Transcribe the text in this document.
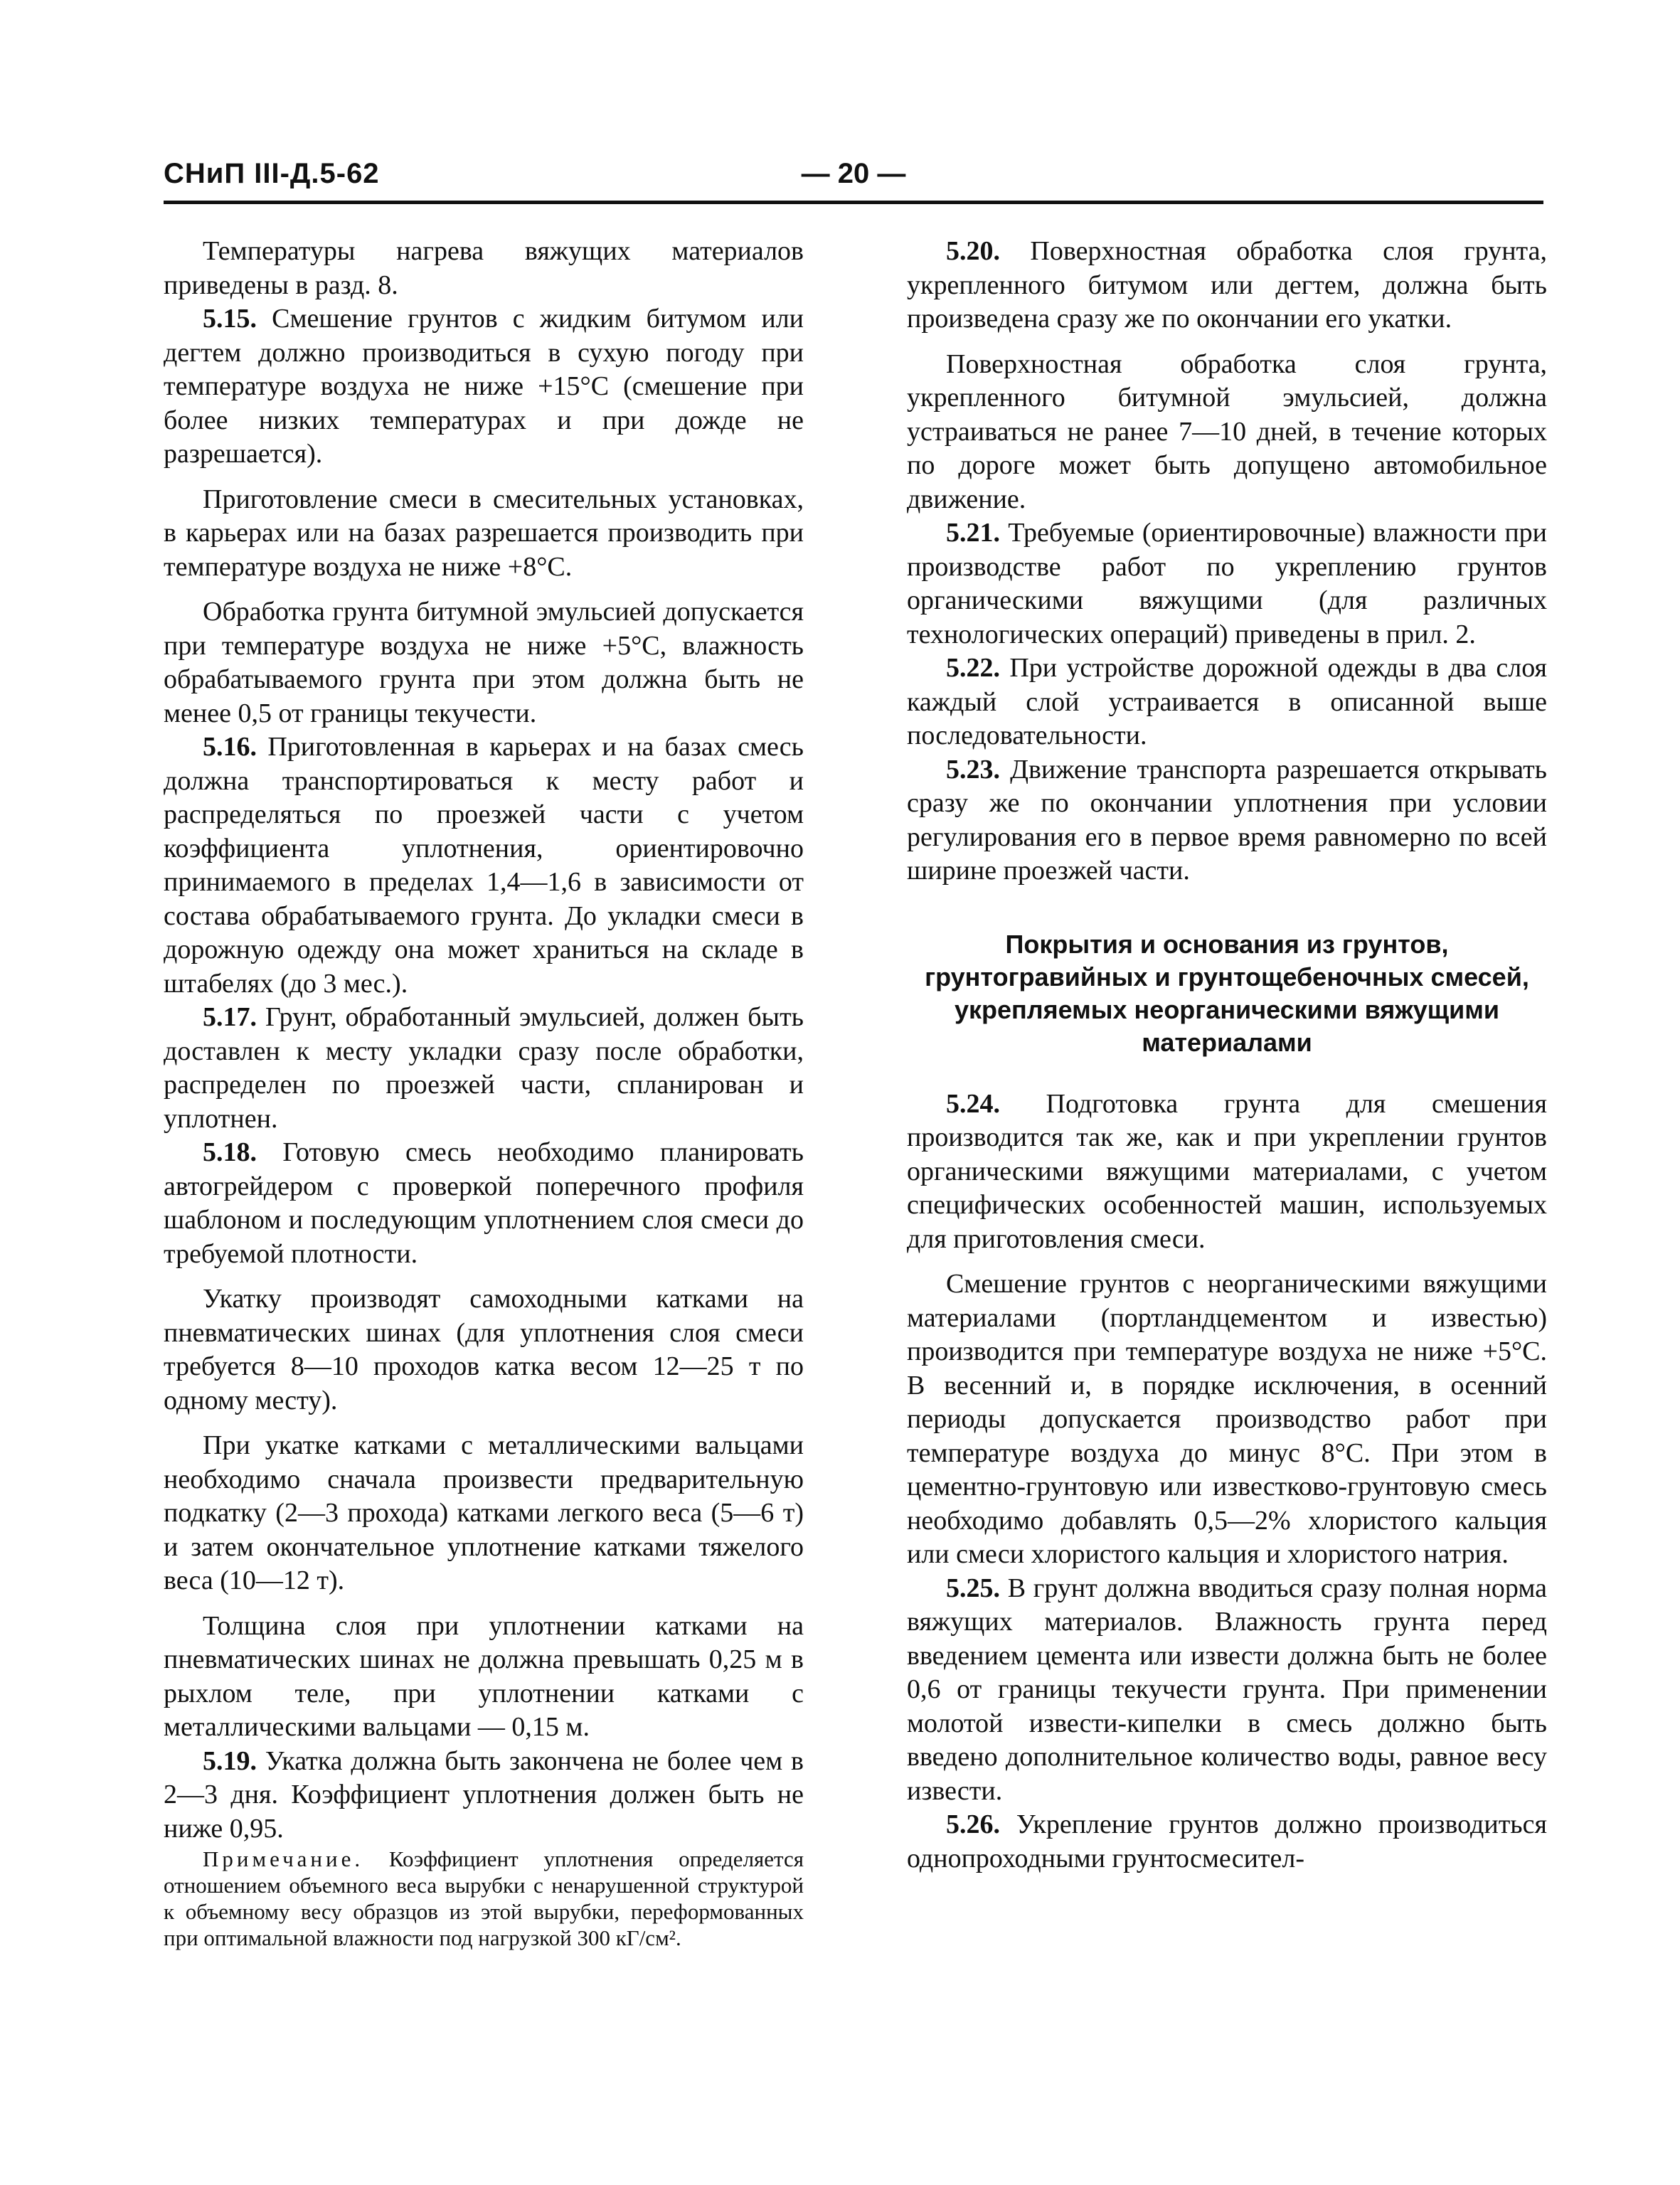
СНиП III-Д.5-62	— 20 —

Температуры нагрева вяжущих материалов приведены в разд. 8.

5.15. Смешение грунтов с жидким битумом или дегтем должно производиться в сухую погоду при температуре воздуха не ниже +15°С (смешение при более низких температурах и при дожде не разрешается).

Приготовление смеси в смесительных установках, в карьерах или на базах разрешается производить при температуре воздуха не ниже +8°С.

Обработка грунта битумной эмульсией допускается при температуре воздуха не ниже +5°С, влажность обрабатываемого грунта при этом должна быть не менее 0,5 от границы текучести.

5.16. Приготовленная в карьерах и на базах смесь должна транспортироваться к месту работ и распределяться по проезжей части с учетом коэффициента уплотнения, ориентировочно принимаемого в пределах 1,4—1,6 в зависимости от состава обрабатываемого грунта. До укладки смеси в дорожную одежду она может храниться на складе в штабелях (до 3 мес.).

5.17. Грунт, обработанный эмульсией, должен быть доставлен к месту укладки сразу после обработки, распределен по проезжей части, спланирован и уплотнен.

5.18. Готовую смесь необходимо планировать автогрейдером с проверкой поперечного профиля шаблоном и последующим уплотнением слоя смеси до требуемой плотности.

Укатку производят самоходными катками на пневматических шинах (для уплотнения слоя смеси требуется 8—10 проходов катка весом 12—25 т по одному месту).

При укатке катками с металлическими вальцами необходимо сначала произвести предварительную подкатку (2—3 прохода) катками легкого веса (5—6 т) и затем окончательное уплотнение катками тяжелого веса (10—12 т).

Толщина слоя при уплотнении катками на пневматических шинах не должна превышать 0,25 м в рыхлом теле, при уплотнении катками с металлическими вальцами — 0,15 м.

5.19. Укатка должна быть закончена не более чем в 2—3 дня. Коэффициент уплотнения должен быть не ниже 0,95.

Примечание. Коэффициент уплотнения определяется отношением объемного веса вырубки с ненарушенной структурой к объемному весу образцов из этой вырубки, переформованных при оптимальной влажности под нагрузкой 300 кГ/см².

5.20. Поверхностная обработка слоя грунта, укрепленного битумом или дегтем, должна быть произведена сразу же по окончании его укатки.

Поверхностная обработка слоя грунта, укрепленного битумной эмульсией, должна устраиваться не ранее 7—10 дней, в течение которых по дороге может быть допущено автомобильное движение.

5.21. Требуемые (ориентировочные) влажности при производстве работ по укреплению грунтов органическими вяжущими (для различных технологических операций) приведены в прил. 2.

5.22. При устройстве дорожной одежды в два слоя каждый слой устраивается в описанной выше последовательности.

5.23. Движение транспорта разрешается открывать сразу же по окончании уплотнения при условии регулирования его в первое время равномерно по всей ширине проезжей части.

Покрытия и основания из грунтов, грунтогравийных и грунтощебеночных смесей, укрепляемых неорганическими вяжущими материалами

5.24. Подготовка грунта для смешения производится так же, как и при укреплении грунтов органическими вяжущими материалами, с учетом специфических особенностей машин, используемых для приготовления смеси.

Смешение грунтов с неорганическими вяжущими материалами (портландцементом и известью) производится при температуре воздуха не ниже +5°С. В весенний и, в порядке исключения, в осенний периоды допускается производство работ при температуре воздуха до минус 8°С. При этом в цементно-грунтовую или известково-грунтовую смесь необходимо добавлять 0,5—2% хлористого кальция или смеси хлористого кальция и хлористого натрия.

5.25. В грунт должна вводиться сразу полная норма вяжущих материалов. Влажность грунта перед введением цемента или извести должна быть не более 0,6 от границы текучести грунта. При применении молотой извести-кипелки в смесь должно быть введено дополнительное количество воды, равное весу извести.

5.26. Укрепление грунтов должно производиться однопроходными грунтосмесител-
